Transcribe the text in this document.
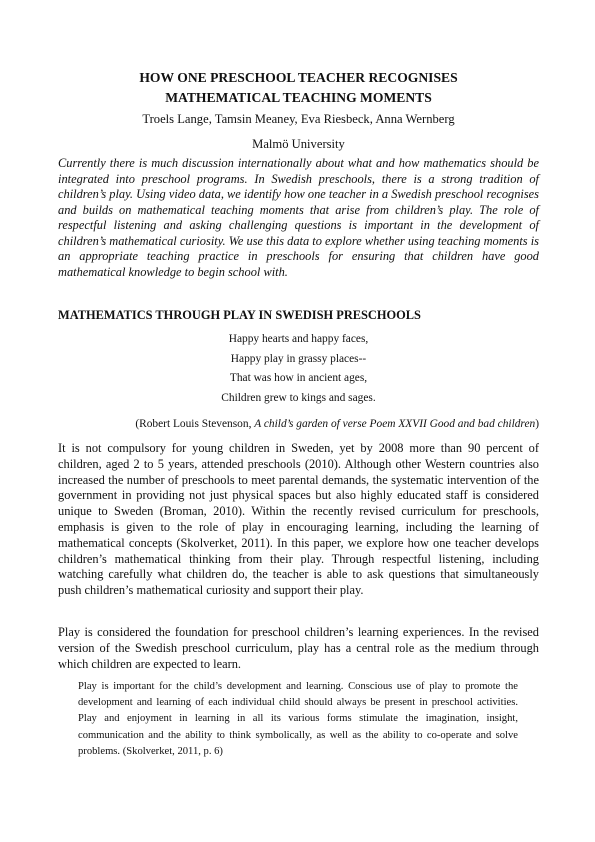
HOW ONE PRESCHOOL TEACHER RECOGNISES
MATHEMATICAL TEACHING MOMENTS
Troels Lange, Tamsin Meaney, Eva Riesbeck, Anna Wernberg
Malmö University

Currently there is much discussion internationally about what and how mathematics should be integrated into preschool programs. In Swedish preschools, there is a strong tradition of children’s play. Using video data, we identify how one teacher in a Swedish preschool recognises and builds on mathematical teaching moments that arise from children’s play. The role of respectful listening and asking challenging questions is important in the development of children’s mathematical curiosity. We use this data to explore whether using teaching moments is an appropriate teaching practice in preschools for ensuring that children have good mathematical knowledge to begin school with.

MATHEMATICS THROUGH PLAY IN SWEDISH PRESCHOOLS
Happy hearts and happy faces,
Happy play in grassy places--
That was how in ancient ages,
Children grew to kings and sages.
(Robert Louis Stevenson, A child’s garden of verse Poem XXVII Good and bad children)

It is not compulsory for young children in Sweden, yet by 2008 more than 90 percent of children, aged 2 to 5 years, attended preschools (2010). Although other Western countries also increased the number of preschools to meet parental demands, the systematic intervention of the government in providing not just physical spaces but also highly educated staff is considered unique to Sweden (Broman, 2010). Within the recently revised curriculum for preschools, emphasis is given to the role of play in encouraging learning, including the learning of mathematical concepts (Skolverket, 2011). In this paper, we explore how one teacher develops children’s mathematical thinking from their play. Through respectful listening, including watching carefully what children do, the teacher is able to ask questions that simultaneously push children’s mathematical curiosity and support their play.

Play is considered the foundation for preschool children’s learning experiences. In the revised version of the Swedish preschool curriculum, play has a central role as the medium through which children are expected to learn.

Play is important for the child’s development and learning. Conscious use of play to promote the development and learning of each individual child should always be present in preschool activities. Play and enjoyment in learning in all its various forms stimulate the imagination, insight, communication and the ability to think symbolically, as well as the ability to co-operate and solve problems. (Skolverket, 2011, p. 6)
